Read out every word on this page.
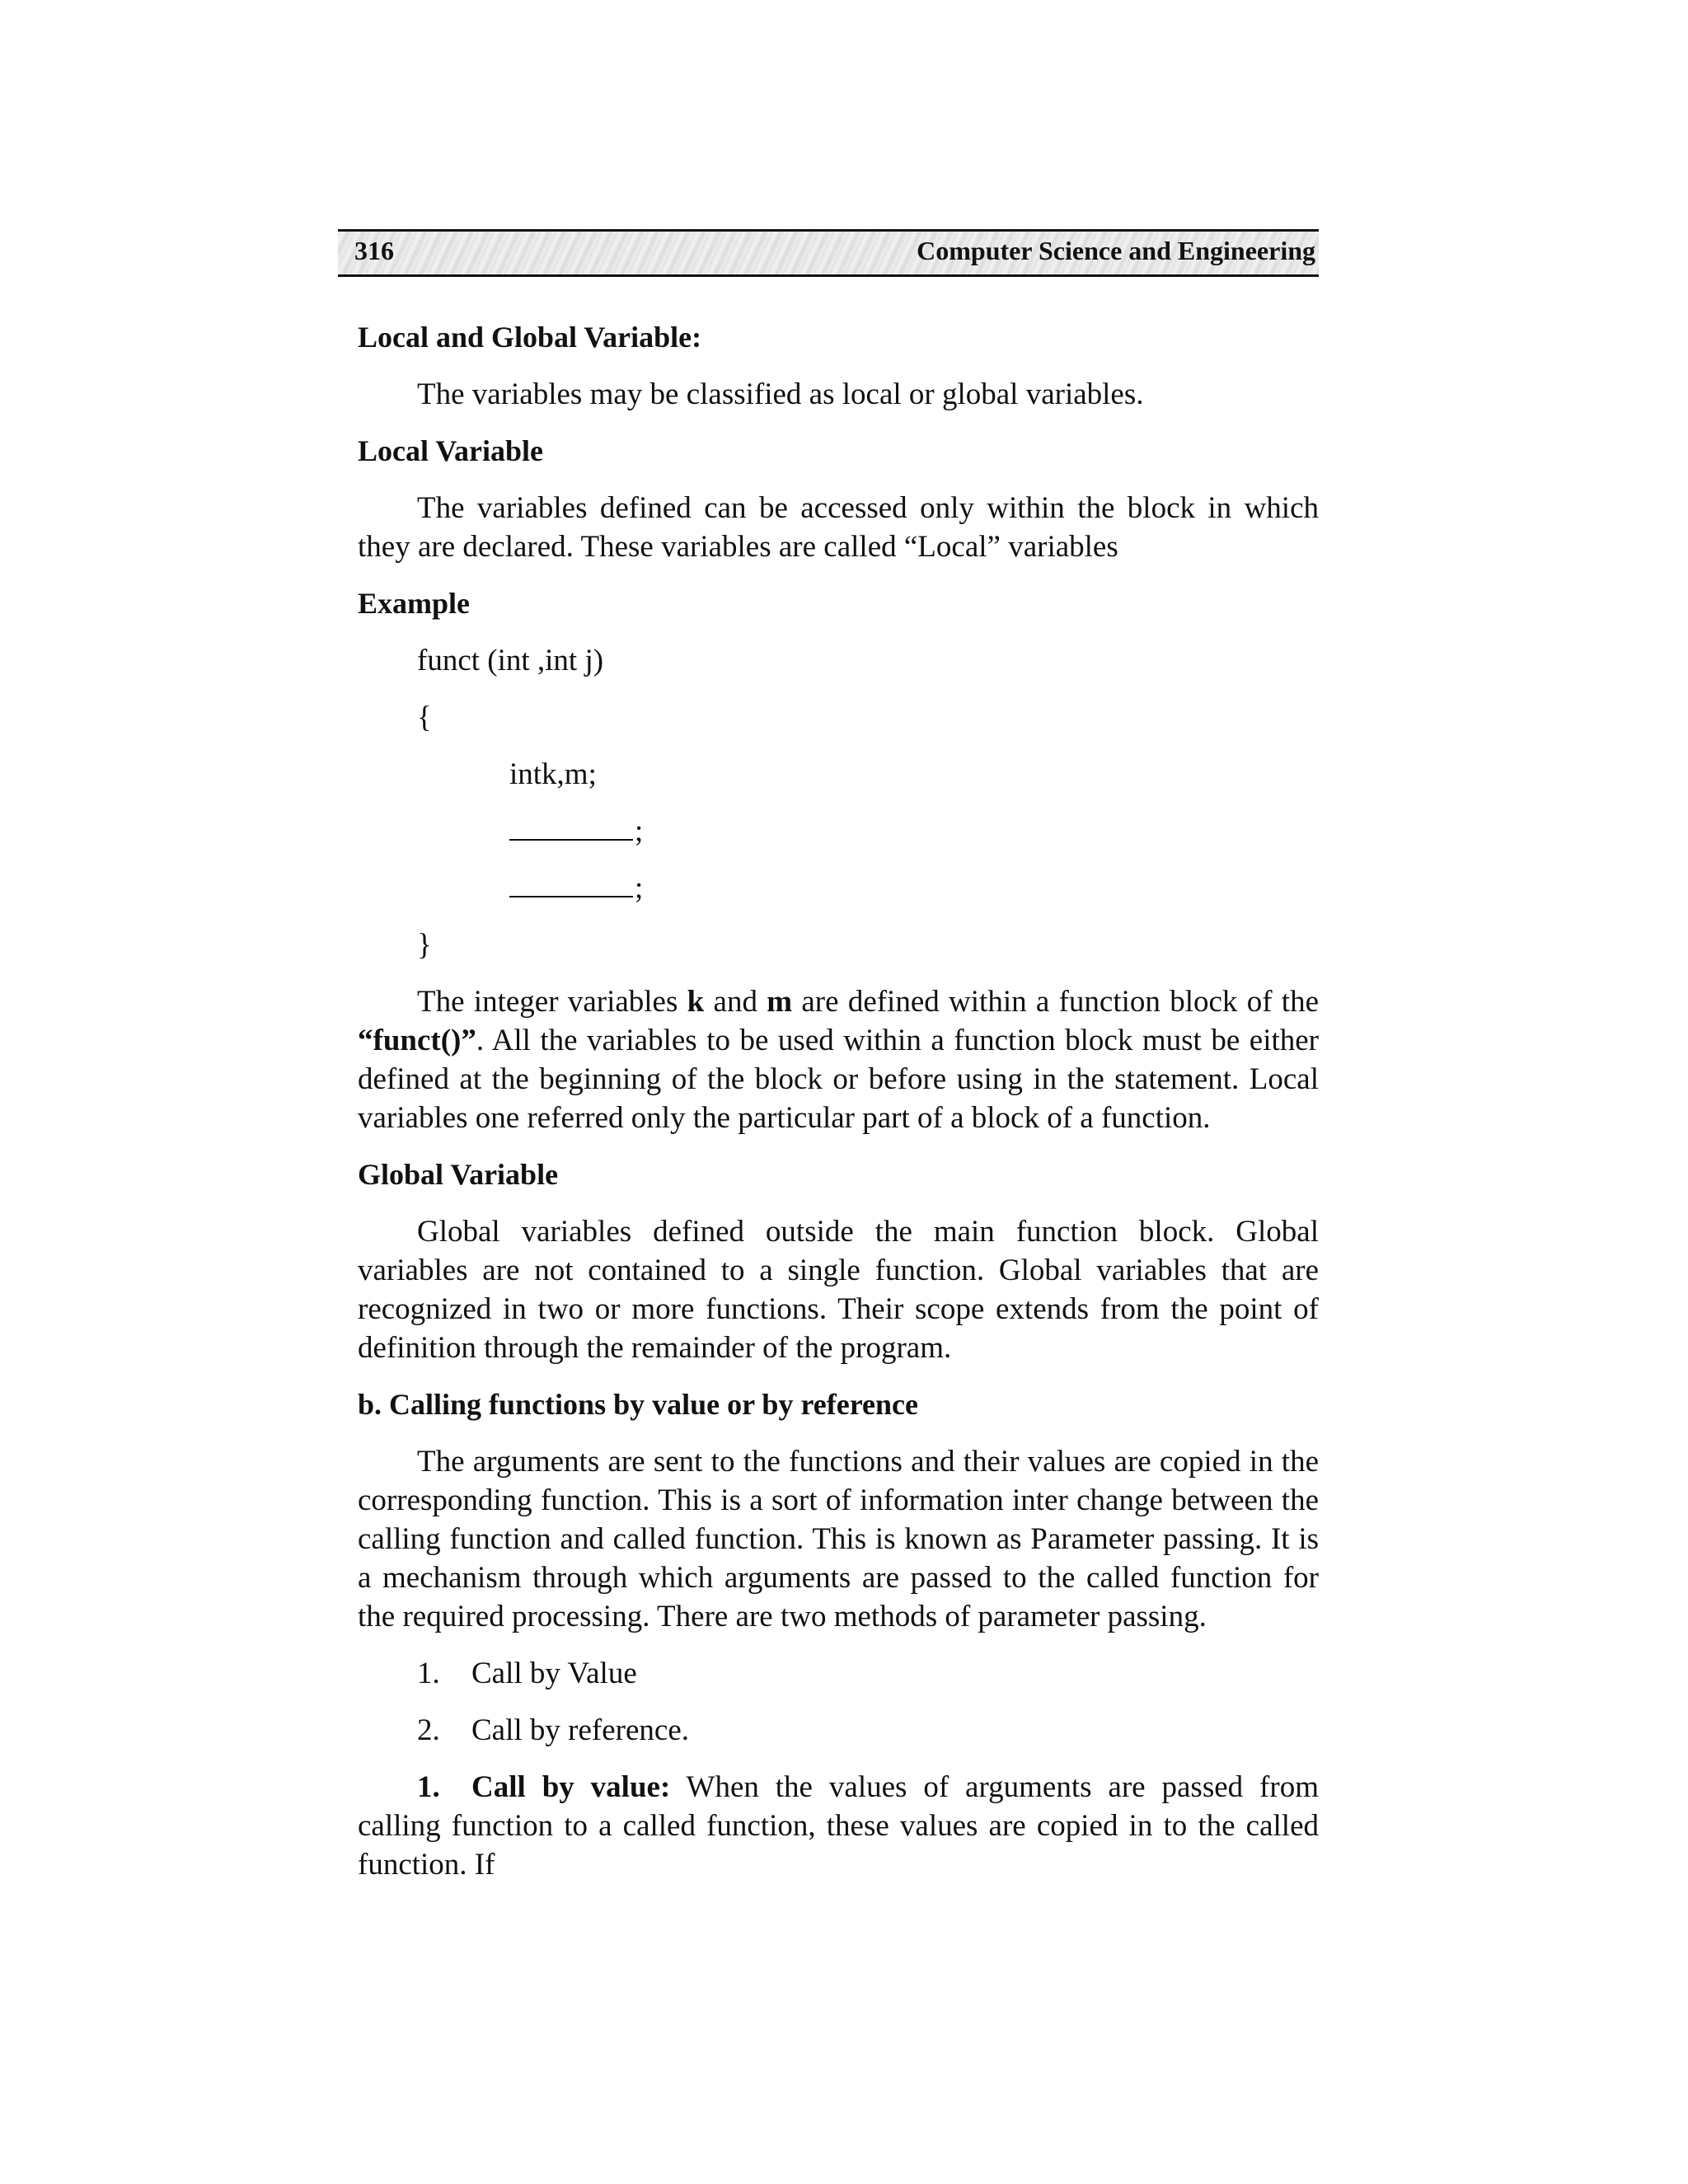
316	Computer Science and Engineering
Local and Global Variable:

The variables may be classified as local or global variables.

Local Variable

The variables defined can be accessed only within the block in which they are declared. These variables are called “Local” variables

Example
funct (int ,int j)
{
intk,m;
;
;
}

The integer variables k and m are defined within a function block of the “funct()”. All the variables to be used within a function block must be either defined at the beginning of the block or before using in the statement. Local variables one referred only the particular part of a block of a function.

Global Variable

Global variables defined outside the main function block. Global variables are not contained to a single function. Global variables that are recognized in two or more functions. Their scope extends from the point of definition through the remainder of the program.

b. Calling functions by value or by reference

The arguments are sent to the functions and their values are copied in the corresponding function. This is a sort of information inter change between the calling function and called function. This is known as Parameter passing. It is a mechanism through which arguments are passed to the called function for the required processing. There are two methods of parameter passing.

1. Call by Value
2. Call by reference.

1. Call by value: When the values of arguments are passed from calling function to a called function, these values are copied in to the called function. If
